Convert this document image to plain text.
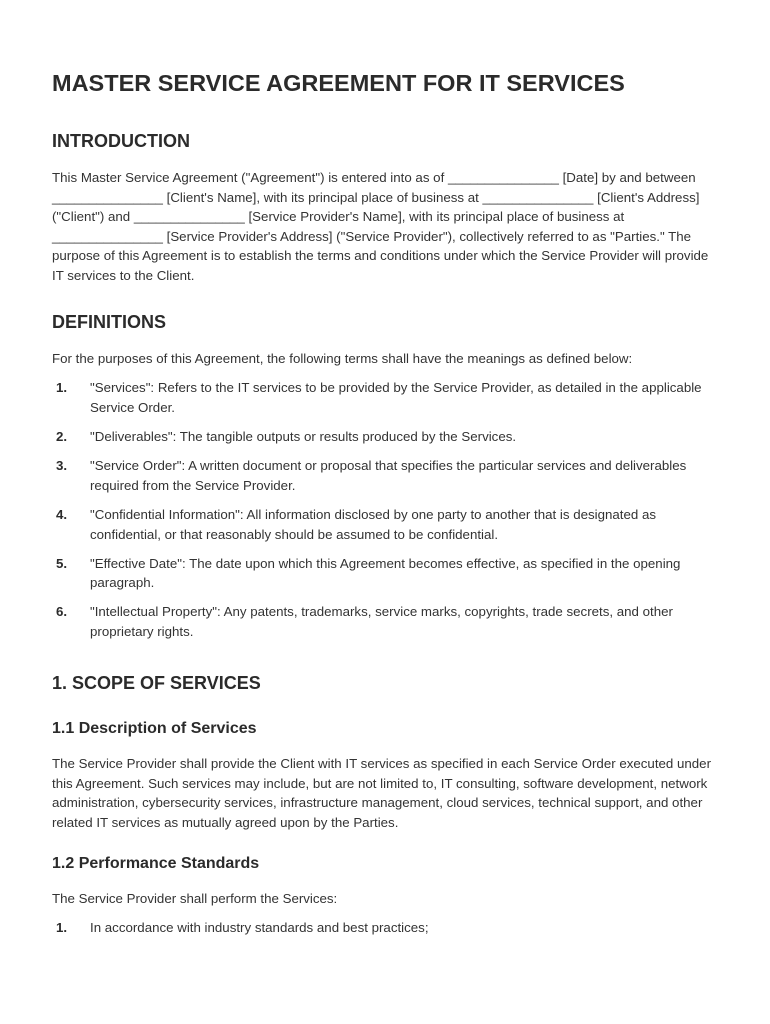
MASTER SERVICE AGREEMENT FOR IT SERVICES
INTRODUCTION

This Master Service Agreement ("Agreement") is entered into as of _______________ [Date] by and between _______________ [Client's Name], with its principal place of business at _______________ [Client's Address] ("Client") and _______________ [Service Provider's Name], with its principal place of business at _______________ [Service Provider's Address] ("Service Provider"), collectively referred to as "Parties." The purpose of this Agreement is to establish the terms and conditions under which the Service Provider will provide IT services to the Client.

DEFINITIONS

For the purposes of this Agreement, the following terms shall have the meanings as defined below:

1.	"Services": Refers to the IT services to be provided by the Service Provider, as detailed in the applicable Service Order.
2.	"Deliverables": The tangible outputs or results produced by the Services.
3.	"Service Order": A written document or proposal that specifies the particular services and deliverables required from the Service Provider.
4.	"Confidential Information": All information disclosed by one party to another that is designated as confidential, or that reasonably should be assumed to be confidential.
5.	"Effective Date": The date upon which this Agreement becomes effective, as specified in the opening paragraph.
6.	"Intellectual Property": Any patents, trademarks, service marks, copyrights, trade secrets, and other proprietary rights.
1. SCOPE OF SERVICES
1.1 Description of Services

The Service Provider shall provide the Client with IT services as specified in each Service Order executed under this Agreement. Such services may include, but are not limited to, IT consulting, software development, network administration, cybersecurity services, infrastructure management, cloud services, technical support, and other related IT services as mutually agreed upon by the Parties.

1.2 Performance Standards

The Service Provider shall perform the Services:

1.	In accordance with industry standards and best practices;
